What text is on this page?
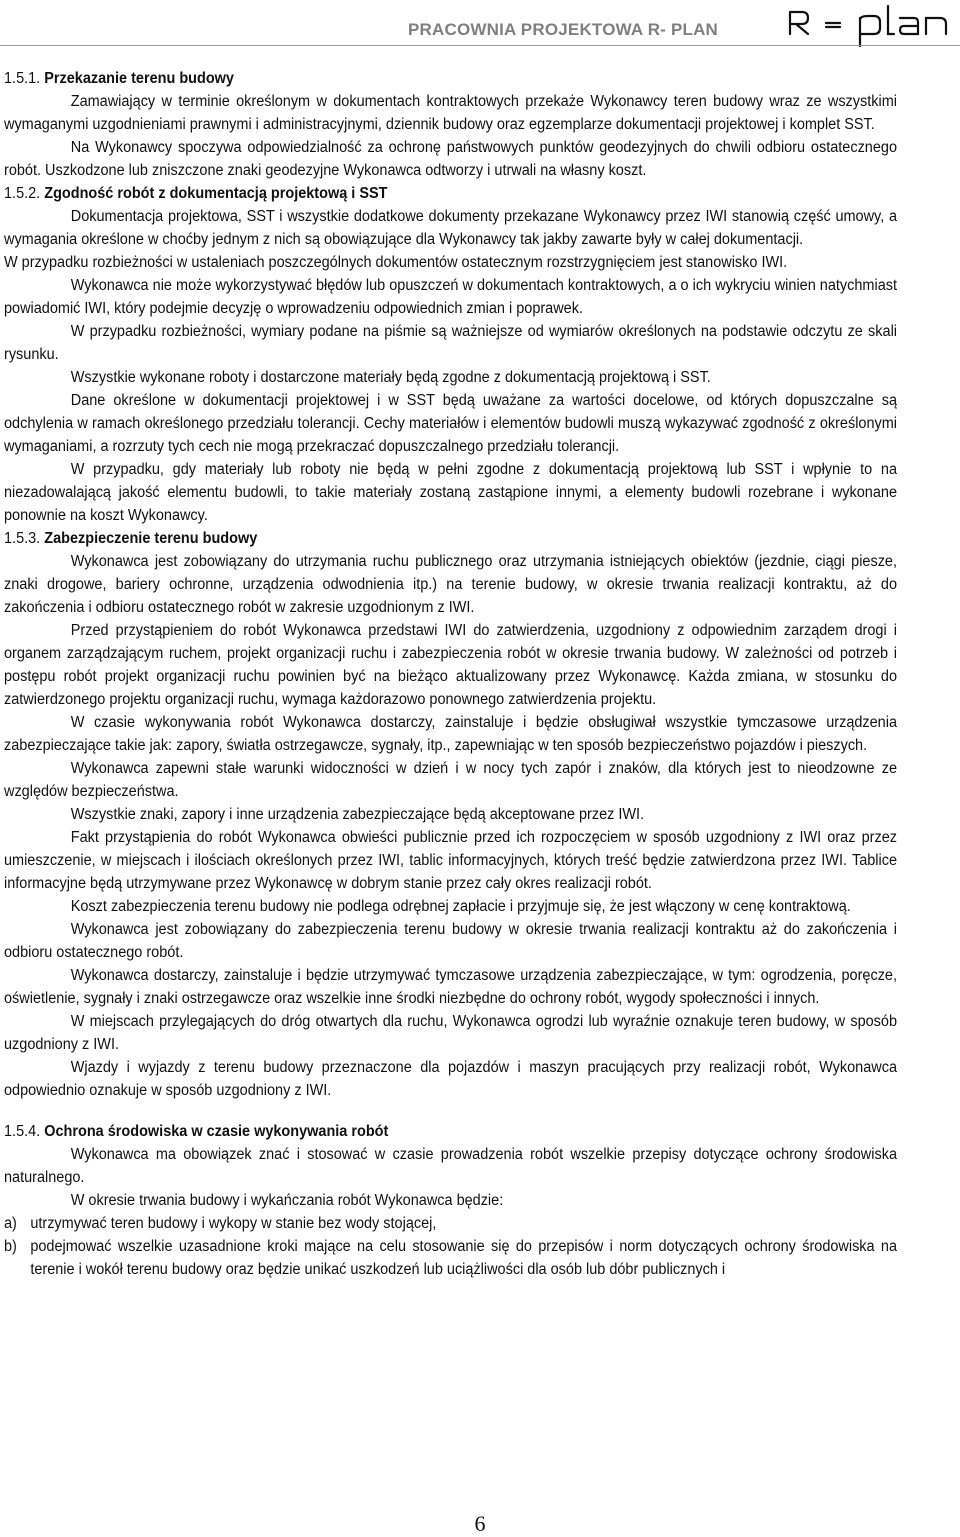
PRACOWNIA PROJEKTOWA R- PLAN

1.5.1. Przekazanie terenu budowy

Zamawiający w terminie określonym w dokumentach kontraktowych przekaże Wykonawcy teren budowy wraz ze wszystkimi wymaganymi uzgodnieniami prawnymi i administracyjnymi, dziennik budowy oraz egzemplarze dokumentacji projektowej i komplet SST.

Na Wykonawcy spoczywa odpowiedzialność za ochronę państwowych punktów geodezyjnych do chwili odbioru ostatecznego robót. Uszkodzone lub zniszczone znaki geodezyjne Wykonawca odtworzy i utrwali na własny koszt.

1.5.2. Zgodność robót z dokumentacją projektową i SST

Dokumentacja projektowa, SST i wszystkie dodatkowe dokumenty przekazane Wykonawcy przez IWI stanowią część umowy, a wymagania określone w choćby jednym z nich są obowiązujące dla Wykonawcy tak jakby zawarte były w całej dokumentacji.

W przypadku rozbieżności w ustaleniach poszczególnych dokumentów ostatecznym rozstrzygnięciem jest stanowisko IWI.

Wykonawca nie może wykorzystywać błędów lub opuszczeń w dokumentach kontraktowych, a o ich wykryciu winien natychmiast powiadomić IWI, który podejmie decyzję o wprowadzeniu odpowiednich zmian i poprawek.

W przypadku rozbieżności, wymiary podane na piśmie są ważniejsze od wymiarów określonych na podstawie odczytu ze skali rysunku.

Wszystkie wykonane roboty i dostarczone materiały będą zgodne z dokumentacją projektową i SST.

Dane określone w dokumentacji projektowej i w SST będą uważane za wartości docelowe, od których dopuszczalne są odchylenia w ramach określonego przedziału tolerancji. Cechy materiałów i elementów budowli muszą wykazywać zgodność z określonymi wymaganiami, a rozrzuty tych cech nie mogą przekraczać dopuszczalnego przedziału tolerancji.

W przypadku, gdy materiały lub roboty nie będą w pełni zgodne z dokumentacją projektową lub SST i wpłynie to na niezadowalającą jakość elementu budowli, to takie materiały zostaną zastąpione innymi, a elementy budowli rozebrane i wykonane ponownie na koszt Wykonawcy.

1.5.3. Zabezpieczenie terenu budowy

Wykonawca jest zobowiązany do utrzymania ruchu publicznego oraz utrzymania istniejących obiektów (jezdnie, ciągi piesze, znaki drogowe, bariery ochronne, urządzenia odwodnienia itp.) na terenie budowy, w okresie trwania realizacji kontraktu, aż do zakończenia i odbioru ostatecznego robót w zakresie uzgodnionym z IWI.

Przed przystąpieniem do robót Wykonawca przedstawi IWI do zatwierdzenia, uzgodniony z odpowiednim zarządem drogi i organem zarządzającym ruchem, projekt organizacji ruchu i zabezpieczenia robót w okresie trwania budowy. W zależności od potrzeb i postępu robót projekt organizacji ruchu powinien być na bieżąco aktualizowany przez Wykonawcę. Każda zmiana, w stosunku do zatwierdzonego projektu organizacji ruchu, wymaga każdorazowo ponownego zatwierdzenia projektu.

W czasie wykonywania robót Wykonawca dostarczy, zainstaluje i będzie obsługiwał wszystkie tymczasowe urządzenia zabezpieczające takie jak: zapory, światła ostrzegawcze, sygnały, itp., zapewniając w ten sposób bezpieczeństwo pojazdów i pieszych.

Wykonawca zapewni stałe warunki widoczności w dzień i w nocy tych zapór i znaków, dla których jest to nieodzowne ze względów bezpieczeństwa.

Wszystkie znaki, zapory i inne urządzenia zabezpieczające będą akceptowane przez IWI.

Fakt przystąpienia do robót Wykonawca obwieści publicznie przed ich rozpoczęciem w sposób uzgodniony z IWI oraz przez umieszczenie, w miejscach i ilościach określonych przez IWI, tablic informacyjnych, których treść będzie zatwierdzona przez IWI. Tablice informacyjne będą utrzymywane przez Wykonawcę w dobrym stanie przez cały okres realizacji robót.

Koszt zabezpieczenia terenu budowy nie podlega odrębnej zapłacie i przyjmuje się, że jest włączony w cenę kontraktową.

Wykonawca jest zobowiązany do zabezpieczenia terenu budowy w okresie trwania realizacji kontraktu aż do zakończenia i odbioru ostatecznego robót.

Wykonawca dostarczy, zainstaluje i będzie utrzymywać tymczasowe urządzenia zabezpieczające, w tym: ogrodzenia, poręcze, oświetlenie, sygnały i znaki ostrzegawcze oraz wszelkie inne środki niezbędne do ochrony robót, wygody społeczności i innych.

W miejscach przylegających do dróg otwartych dla ruchu, Wykonawca ogrodzi lub wyraźnie oznakuje teren budowy, w sposób uzgodniony z IWI.

Wjazdy i wyjazdy z terenu budowy przeznaczone dla pojazdów i maszyn pracujących przy realizacji robót, Wykonawca odpowiednio oznakuje w sposób uzgodniony z IWI.

1.5.4. Ochrona środowiska w czasie wykonywania robót

Wykonawca ma obowiązek znać i stosować w czasie prowadzenia robót wszelkie przepisy dotyczące ochrony środowiska naturalnego.

W okresie trwania budowy i wykańczania robót Wykonawca będzie:

a) utrzymywać teren budowy i wykopy w stanie bez wody stojącej,
b) podejmować wszelkie uzasadnione kroki mające na celu stosowanie się do przepisów i norm dotyczących ochrony środowiska na terenie i wokół terenu budowy oraz będzie unikać uszkodzeń lub uciążliwości dla osób lub dóbr publicznych i
6
